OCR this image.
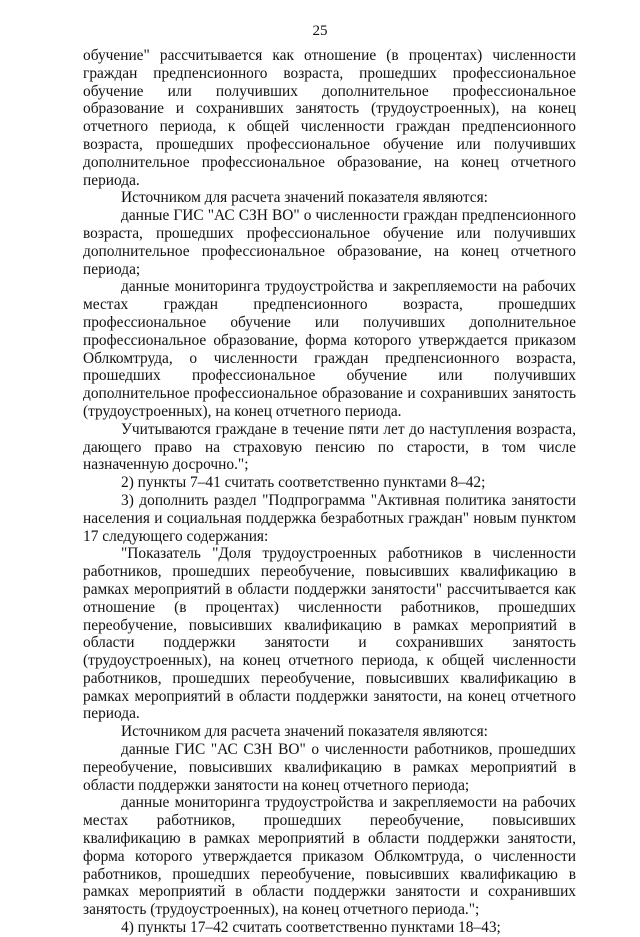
25

обучение" рассчитывается как отношение (в процентах) численности граждан предпенсионного возраста, прошедших профессиональное обучение или получивших дополнительное профессиональное образование и сохранивших занятость (трудоустроенных), на конец отчетного периода, к общей численности граждан предпенсионного возраста, прошедших профессиональное обучение или получивших дополнительное профессиональное образование, на конец отчетного периода.

Источником для расчета значений показателя являются:

данные ГИС "АС СЗН ВО" о численности граждан предпенсионного возраста, прошедших профессиональное обучение или получивших дополнительное профессиональное образование, на конец отчетного периода;

данные мониторинга трудоустройства и закрепляемости на рабочих местах граждан предпенсионного возраста, прошедших профессиональное обучение или получивших дополнительное профессиональное образование, форма которого утверждается приказом Облкомтруда, о численности граждан предпенсионного возраста, прошедших профессиональное обучение или получивших дополнительное профессиональное образование и сохранивших занятость (трудоустроенных), на конец отчетного периода.

Учитываются граждане в течение пяти лет до наступления возраста, дающего право на страховую пенсию по старости, в том числе назначенную досрочно.";

2) пункты 7–41 считать соответственно пунктами 8–42;

3) дополнить раздел "Подпрограмма "Активная политика занятости населения и социальная поддержка безработных граждан" новым пунктом 17 следующего содержания:

"Показатель "Доля трудоустроенных работников в численности работников, прошедших переобучение, повысивших квалификацию в рамках мероприятий в области поддержки занятости" рассчитывается как отношение (в процентах) численности работников, прошедших переобучение, повысивших квалификацию в рамках мероприятий в области поддержки занятости и сохранивших занятость (трудоустроенных), на конец отчетного периода, к общей численности работников, прошедших переобучение, повысивших квалификацию в рамках мероприятий в области поддержки занятости, на конец отчетного периода.

Источником для расчета значений показателя являются:

данные ГИС "АС СЗН ВО" о численности работников, прошедших переобучение, повысивших квалификацию в рамках мероприятий в области поддержки занятости на конец отчетного периода;

данные мониторинга трудоустройства и закрепляемости на рабочих местах работников, прошедших переобучение, повысивших квалификацию в рамках мероприятий в области поддержки занятости, форма которого утверждается приказом Облкомтруда, о численности работников, прошедших переобучение, повысивших квалификацию в рамках мероприятий в области поддержки занятости и сохранивших занятость (трудоустроенных), на конец отчетного периода.";

4) пункты 17–42 считать соответственно пунктами 18–43;
